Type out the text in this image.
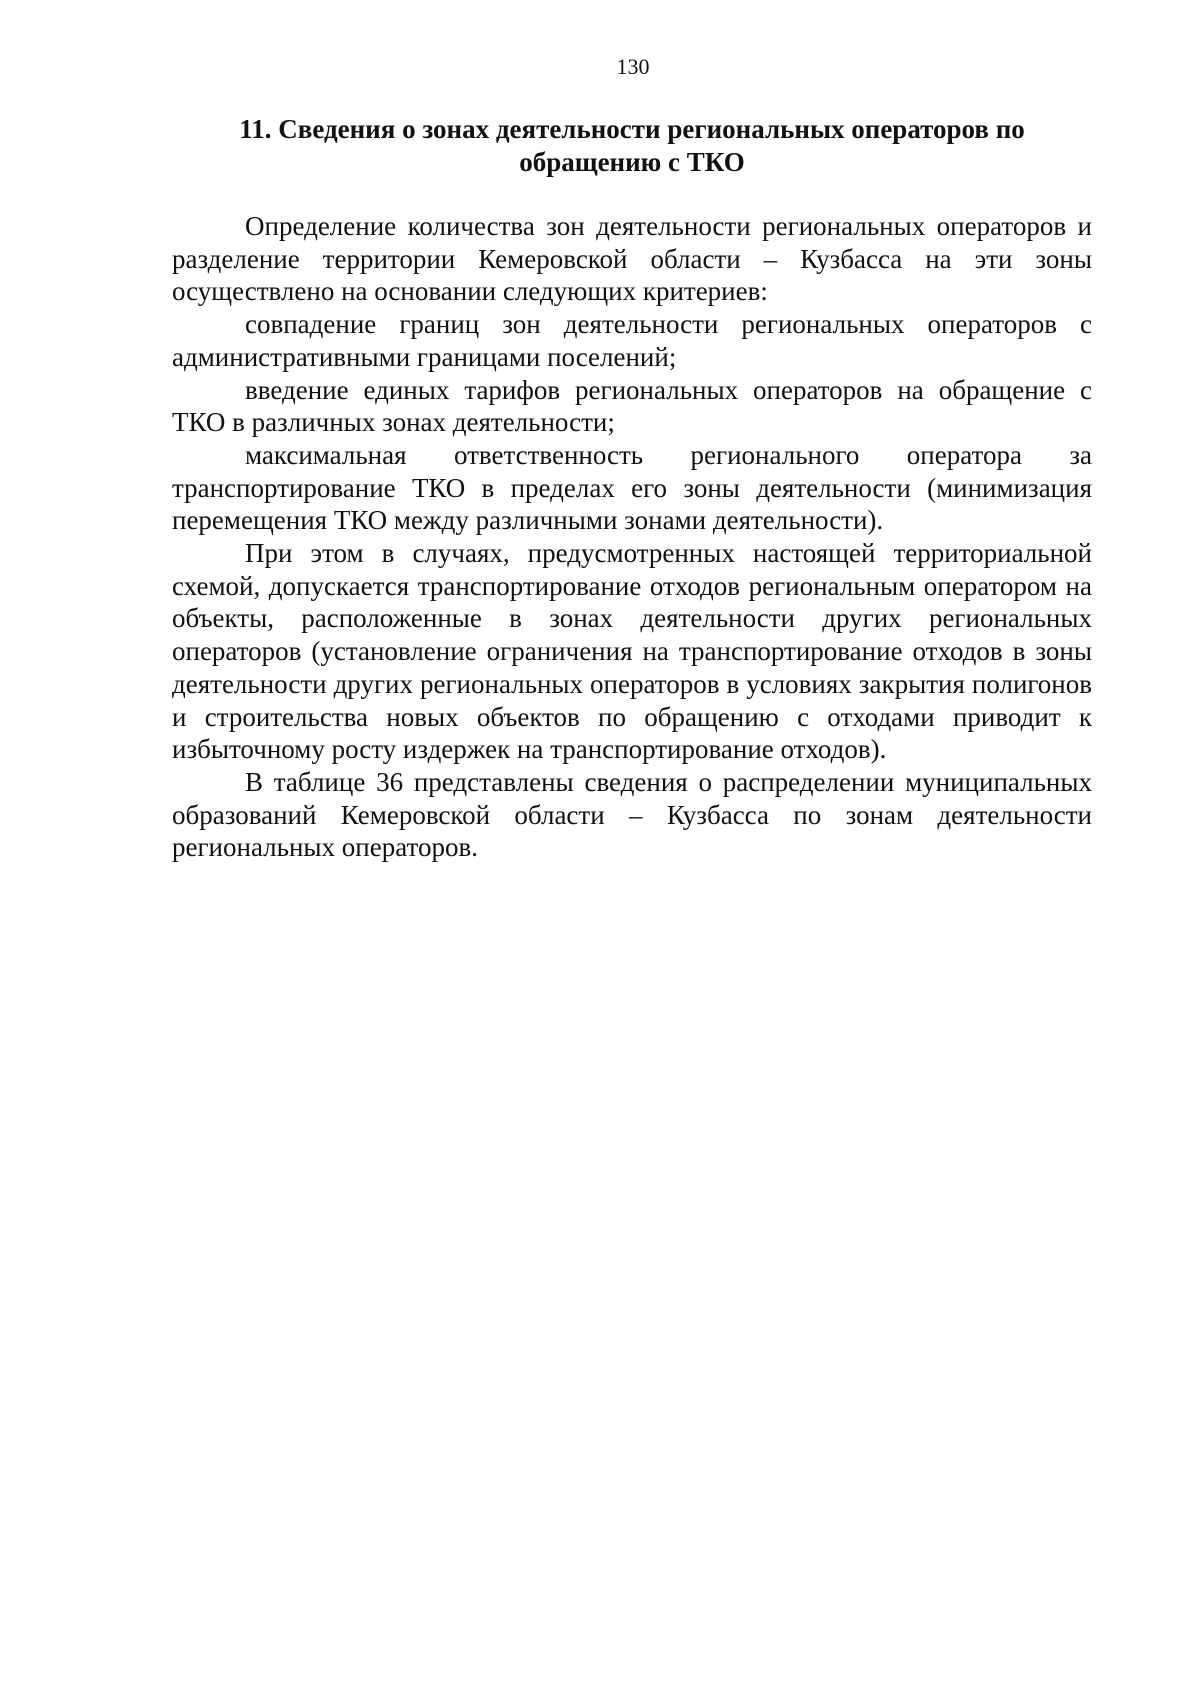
130
11. Сведения о зонах деятельности региональных операторов по обращению с ТКО

Определение количества зон деятельности региональных операторов и разделение территории Кемеровской области – Кузбасса на эти зоны осуществлено на основании следующих критериев:

совпадение границ зон деятельности региональных операторов с административными границами поселений;

введение единых тарифов региональных операторов на обращение с ТКО в различных зонах деятельности;

максимальная ответственность регионального оператора за транспортирование ТКО в пределах его зоны деятельности (минимизация перемещения ТКО между различными зонами деятельности).

При этом в случаях, предусмотренных настоящей территориальной схемой, допускается транспортирование отходов региональным оператором на объекты, расположенные в зонах деятельности других региональных операторов (установление ограничения на транспортирование отходов в зоны деятельности других региональных операторов в условиях закрытия полигонов и строительства новых объектов по обращению с отходами приводит к избыточному росту издержек на транспортирование отходов).

В таблице 36 представлены сведения о распределении муниципальных образований Кемеровской области – Кузбасса по зонам деятельности региональных операторов.
